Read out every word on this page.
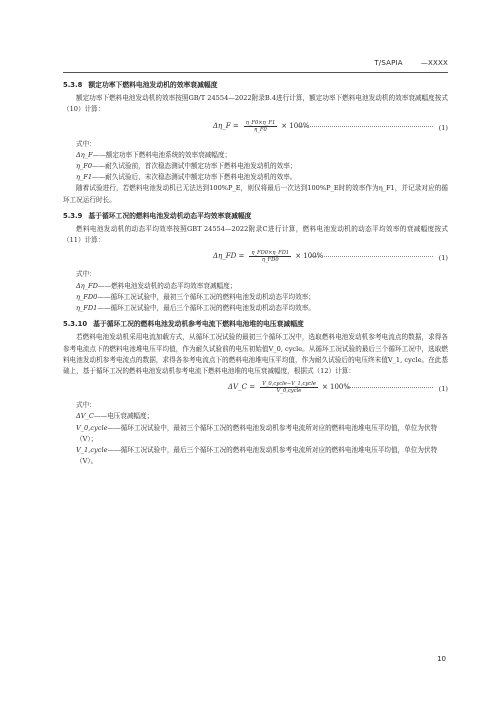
T/SAPIA	—XXXX
5.3.8 额定功率下燃料电池发动机的效率衰减幅度

额定功率下燃料电池发动机的效率按照GB/T 24554—2022附录B.4进行计算，额定功率下燃料电池发动机的效率衰减幅度按式（10）计算：

Δη_F = $\frac{\eta\_F0\times\eta\_F1}{\eta\_F0} \times 100\%$	(1)
式中：
Δη_F——额定功率下燃料电池系统的效率衰减幅度；
η_F0——耐久试验前，首次稳态测试中额定功率下燃料电池发动机的效率；
η_F1——耐久试验后，末次稳态测试中额定功率下燃料电池发动机的效率。

随着试验进行，若燃料电池发动机已无法达到100%P_E，则仅将最后一次达到100%P_E时的效率作为η_F1，并记录对应的循环工况运行时长。

5.3.9 基于循环工况的燃料电池发动机动态平均效率衰减幅度

燃料电池发动机的动态平均效率按照GBT 24554—2022附录C进行计算，燃料电池发动机的动态平均效率的衰减幅度按式（11）计算：

Δη_FD = $\frac{\eta\_FD0\times\eta\_FD1}{\eta\_FD0} \times 100\%$	(1)
式中：
Δη_FD——燃料电池发动机的动态平均效率衰减幅度；
η_FD0——循环工况试验中，最初三个循环工况的燃料电池发动机动态平均效率；
η_FD1——循环工况试验中，最后三个循环工况的燃料电池发动机动态平均效率。
5.3.10 基于循环工况的燃料电池发动机参考电流下燃料电池堆的电压衰减幅度

若燃料电池发动机采用电流加载方式，从循环工况试验的最初三个循环工况中，选取燃料电池发动机参考电流点的数据，求得各参考电流点下的燃料电池堆电压平均值，作为耐久试验前的电压初始值V_0, cycle。从循环工况试验的最后三个循环工况中，选取燃料电池发动机参考电流点的数据，求得各参考电流点下的燃料电池堆电压平均值，作为耐久试验后的电压终末值V_1, cycle。在此基础上，基于循环工况的燃料电池发动机参考电流下燃料电池堆的电压衰减幅度，根据式（12）计算：

ΔV_C = $\frac{\text{V\_0,cycle−V\_1,cycle}}{\text{V\_0,cycle}} \times 100\%$	(1)
式中：
ΔV_C——电压衰减幅度；
V_0,cycle——循环工况试验中，最初三个循环工况的燃料电池发动机参考电流所对应的燃料电池堆电压平均值，单位为伏特（V）；
V_1,cycle——循环工况试验中，最后三个循环工况的燃料电池发动机参考电流所对应的燃料电池堆电压平均值，单位为伏特（V）。
10
